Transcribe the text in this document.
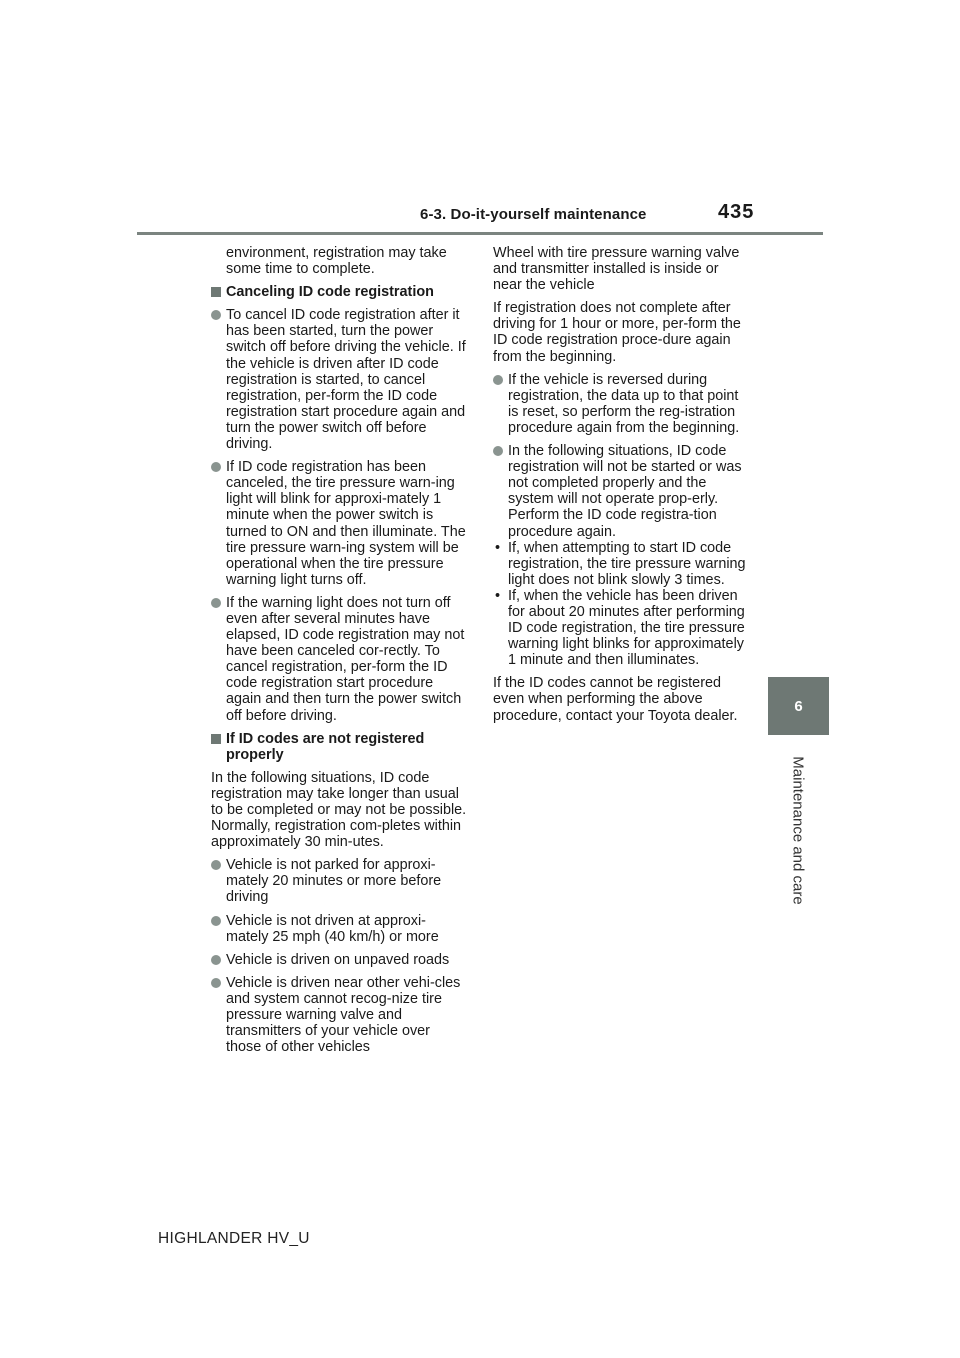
6-3. Do-it-yourself maintenance	435
6
Maintenance and care

environment, registration may take some time to complete.

Canceling ID code registration
To cancel ID code registration after it has been started, turn the power switch off before driving the vehicle. If the vehicle is driven after ID code registration is started, to cancel registration, per-form the ID code registration start procedure again and turn the power switch off before driving.
If ID code registration has been canceled, the tire pressure warn-ing light will blink for approxi-mately 1 minute when the power switch is turned to ON and then illuminate. The tire pressure warn-ing system will be operational when the tire pressure warning light turns off.
If the warning light does not turn off even after several minutes have elapsed, ID code registration may not have been canceled cor-rectly. To cancel registration, per-form the ID code registration start procedure again and then turn the power switch off before driving.
If ID codes are not registered properly

In the following situations, ID code registration may take longer than usual to be completed or may not be possible. Normally, registration com-pletes within approximately 30 min-utes.

Vehicle is not parked for approxi-mately 20 minutes or more before driving
Vehicle is not driven at approxi-mately 25 mph (40 km/h) or more
Vehicle is driven on unpaved roads
Vehicle is driven near other vehi-cles and system cannot recog-nize tire pressure warning valve and transmitters of your vehicle over those of other vehicles

Wheel with tire pressure warning valve and transmitter installed is inside or near the vehicle

If registration does not complete after driving for 1 hour or more, per-form the ID code registration proce-dure again from the beginning.

If the vehicle is reversed during registration, the data up to that point is reset, so perform the reg-istration procedure again from the beginning.
In the following situations, ID code registration will not be started or was not completed properly and the system will not operate prop-erly. Perform the ID code registra-tion procedure again.
• If, when attempting to start ID code registration, the tire pressure warning light does not blink slowly 3 times.
• If, when the vehicle has been driven for about 20 minutes after performing ID code registration, the tire pressure warning light blinks for approximately 1 minute and then illuminates.

If the ID codes cannot be registered even when performing the above procedure, contact your Toyota dealer.

HIGHLANDER HV_U
